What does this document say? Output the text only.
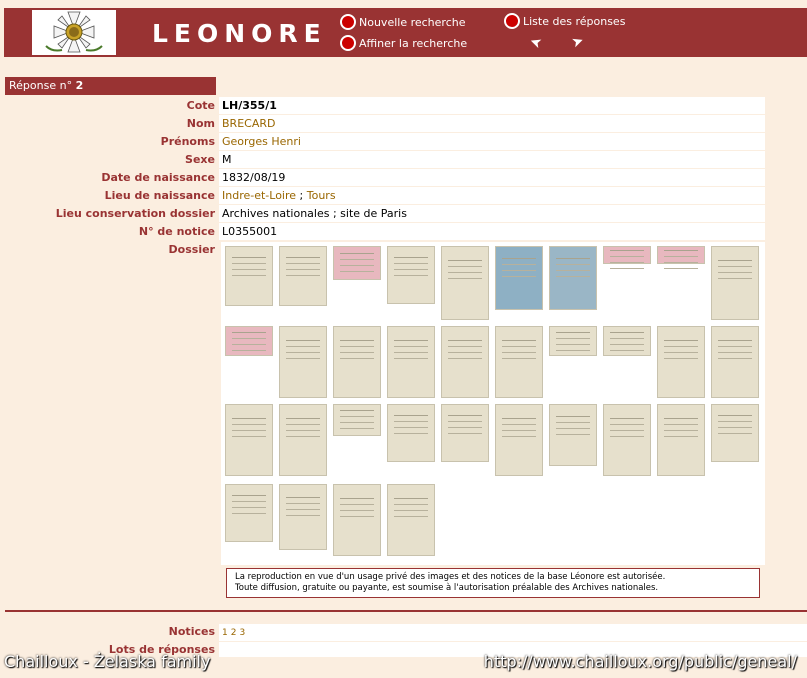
LEONORE	Nouvelle recherche
Affiner la recherche
Liste des réponses
➤ ➤
Réponse n° 2
Cote LH/355/1
Nom BRECARD
Prénoms Georges Henri
Sexe M
Date de naissance 1832/08/19
Lieu de naissance Indre-et-Loire ; Tours
Lieu conservation dossier Archives nationales ; site de Paris
N° de notice L0355001
Dossier
La reproduction en vue d'un usage privé des images et des notices de la base Léonore est autorisée.
Toute diffusion, gratuite ou payante, est soumise à l'autorisation préalable des Archives nationales.
Notices 1 2 3
Lots de réponses
Chailloux - Żelaska family	http://www.chailloux.org/public/geneal/
